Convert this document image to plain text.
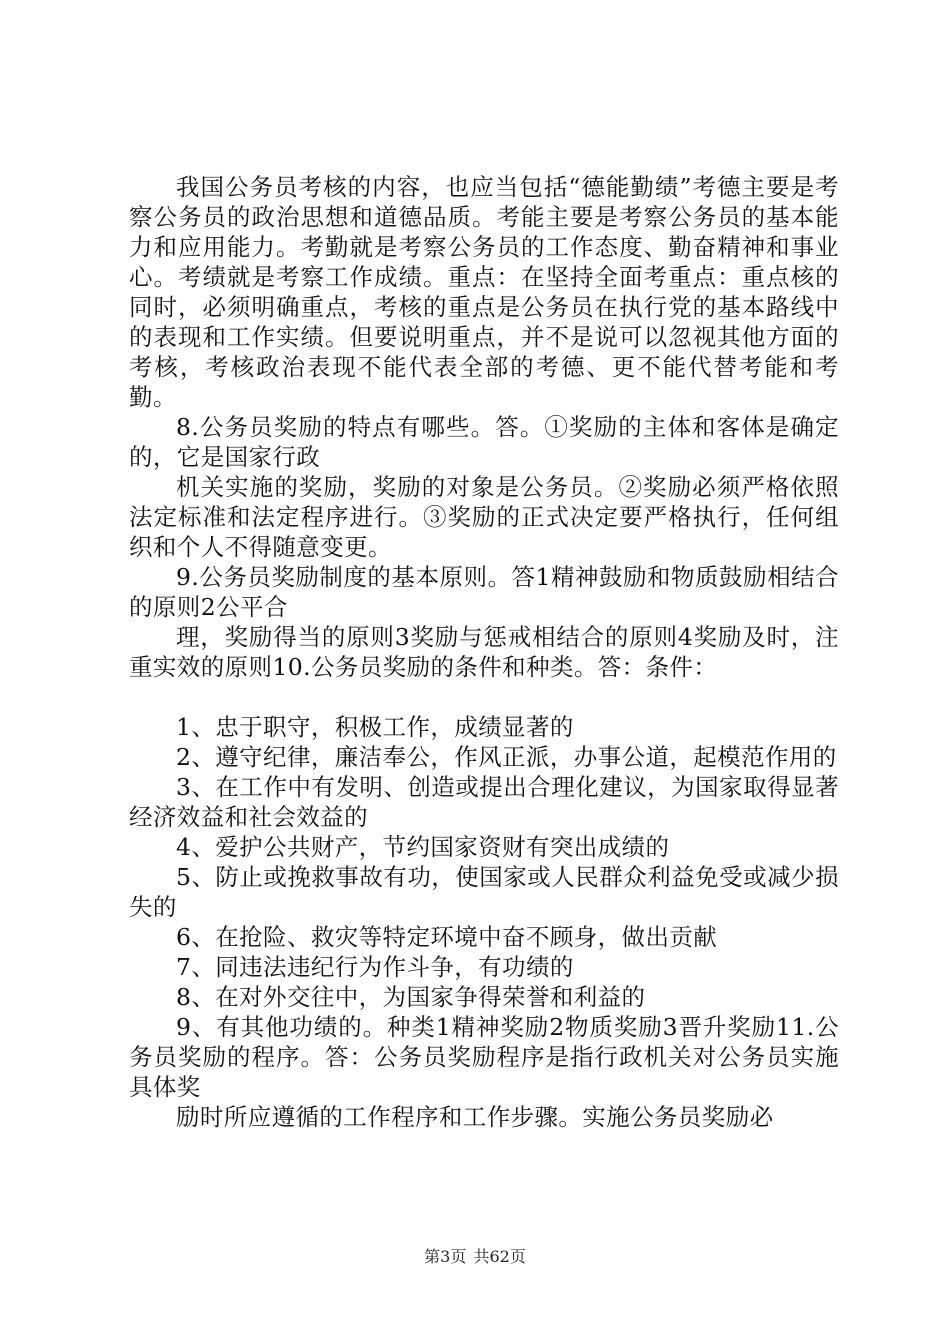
我国公务员考核的内容，也应当包括“德能勤绩”考德主要是考察公务员的政治思想和道德品质。考能主要是考察公务员的基本能力和应用能力。考勤就是考察公务员的工作态度、勤奋精神和事业心。考绩就是考察工作成绩。重点：在坚持全面考重点：重点核的同时，必须明确重点，考核的重点是公务员在执行党的基本路线中的表现和工作实绩。但要说明重点，并不是说可以忽视其他方面的考核，考核政治表现不能代表全部的考德、更不能代替考能和考勤。

8.公务员奖励的特点有哪些。答。①奖励的主体和客体是确定的，它是国家行政

机关实施的奖励，奖励的对象是公务员。②奖励必须严格依照法定标准和法定程序进行。③奖励的正式决定要严格执行，任何组织和个人不得随意变更。

9.公务员奖励制度的基本原则。答1精神鼓励和物质鼓励相结合的原则2公平合

理，奖励得当的原则3奖励与惩戒相结合的原则4奖励及时，注重实效的原则10.公务员奖励的条件和种类。答：条件：

1、忠于职守，积极工作，成绩显著的

2、遵守纪律，廉洁奉公，作风正派，办事公道，起模范作用的

3、在工作中有发明、创造或提出合理化建议，为国家取得显著经济效益和社会效益的

4、爱护公共财产，节约国家资财有突出成绩的

5、防止或挽救事故有功，使国家或人民群众利益免受或减少损失的

6、在抢险、救灾等特定环境中奋不顾身，做出贡献

7、同违法违纪行为作斗争，有功绩的

8、在对外交往中，为国家争得荣誉和利益的

9、有其他功绩的。种类1精神奖励2物质奖励3晋升奖励11.公务员奖励的程序。答：公务员奖励程序是指行政机关对公务员实施具体奖

励时所应遵循的工作程序和工作步骤。实施公务员奖励必

第3页 共62页
